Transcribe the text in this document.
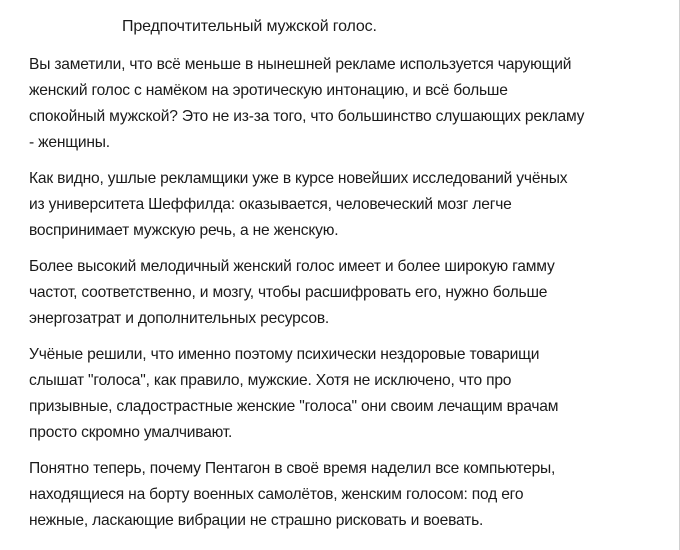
Предпочтительный мужской голос.

Вы заметили, что всё меньше в нынешней рекламе используется чарующий
женский голос с намёком на эротическую интонацию, и всё больше
спокойный мужской? Это не из-за того, что большинство слушающих рекламу
- женщины.

Как видно, ушлые рекламщики уже в курсе новейших исследований учёных
из университета Шеффилда: оказывается, человеческий мозг легче
воспринимает мужскую речь, а не женскую.

Более высокий мелодичный женский голос имеет и более широкую гамму
частот, соответственно, и мозгу, чтобы расшифровать его, нужно больше
энергозатрат и дополнительных ресурсов.

Учёные решили, что именно поэтому психически нездоровые товарищи
слышат "голоса", как правило, мужские. Хотя не исключено, что про
призывные, сладострастные женские "голоса" они своим лечащим врачам
просто скромно умалчивают.

Понятно теперь, почему Пентагон в своё время наделил все компьютеры,
находящиеся на борту военных самолётов, женским голосом: под его
нежные, ласкающие вибрации не страшно рисковать и воевать.
